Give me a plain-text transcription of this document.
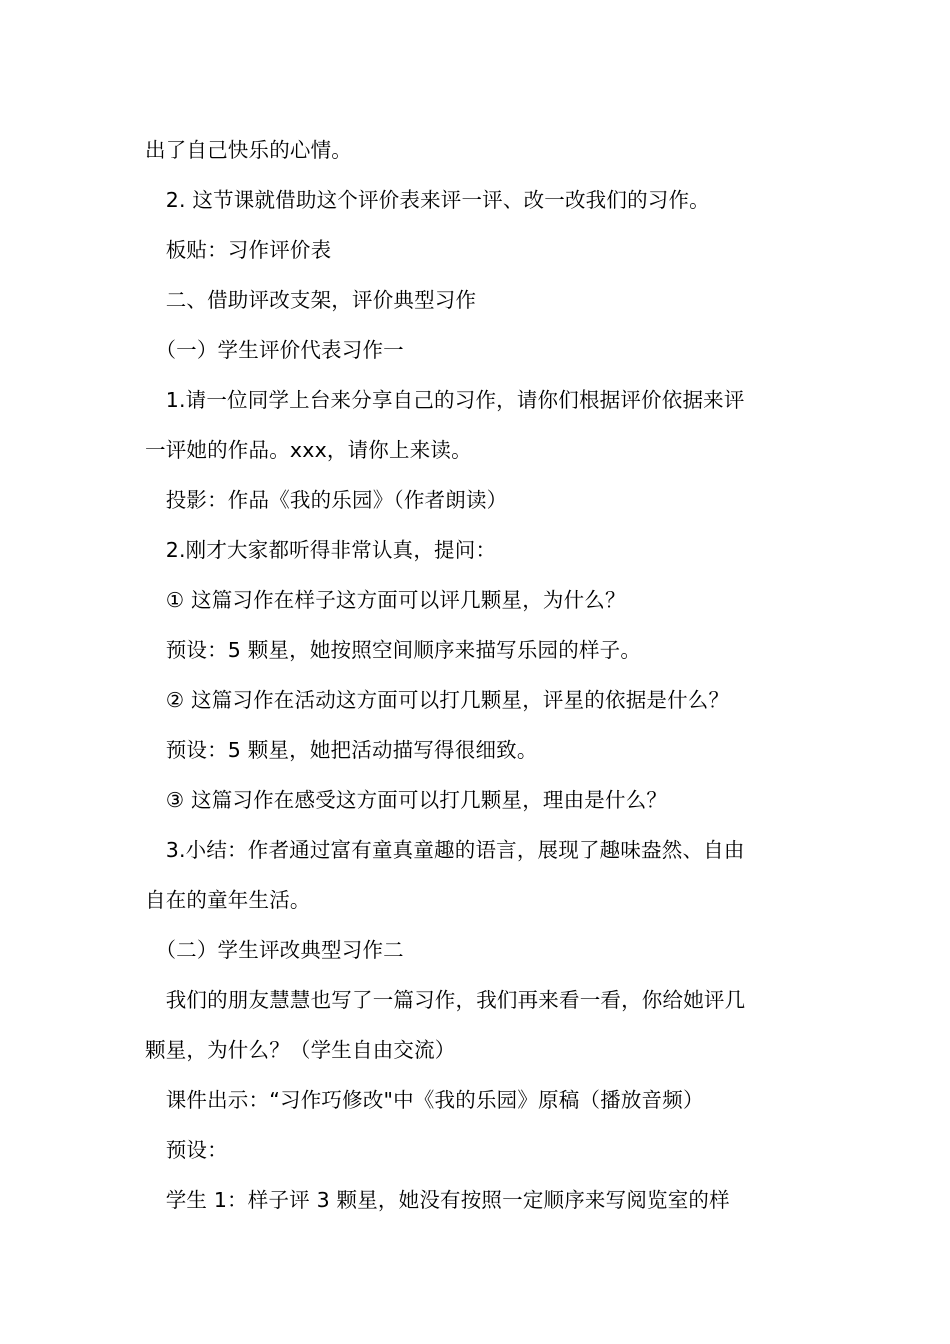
出了自己快乐的心情。
　2. 这节课就借助这个评价表来评一评、改一改我们的习作。
　板贴：习作评价表
　二、借助评改支架，评价典型习作
　（一）学生评价代表习作一
　1.请一位同学上台来分享自己的习作，请你们根据评价依据来评
一评她的作品。xxx，请你上来读。
　投影：作品《我的乐园》（作者朗读）
　2.刚才大家都听得非常认真，提问：
　① 这篇习作在样子这方面可以评几颗星，为什么？
　预设：5 颗星，她按照空间顺序来描写乐园的样子。
　② 这篇习作在活动这方面可以打几颗星，评星的依据是什么？
　预设：5 颗星，她把活动描写得很细致。
　③ 这篇习作在感受这方面可以打几颗星，理由是什么？
　3.小结：作者通过富有童真童趣的语言，展现了趣味盎然、自由
自在的童年生活。
　（二）学生评改典型习作二
　我们的朋友慧慧也写了一篇习作，我们再来看一看，你给她评几
颗星，为什么？（学生自由交流）
　课件出示：“习作巧修改"中《我的乐园》原稿（播放音频）
　预设：
　学生 1：样子评 3 颗星，她没有按照一定顺序来写阅览室的样
